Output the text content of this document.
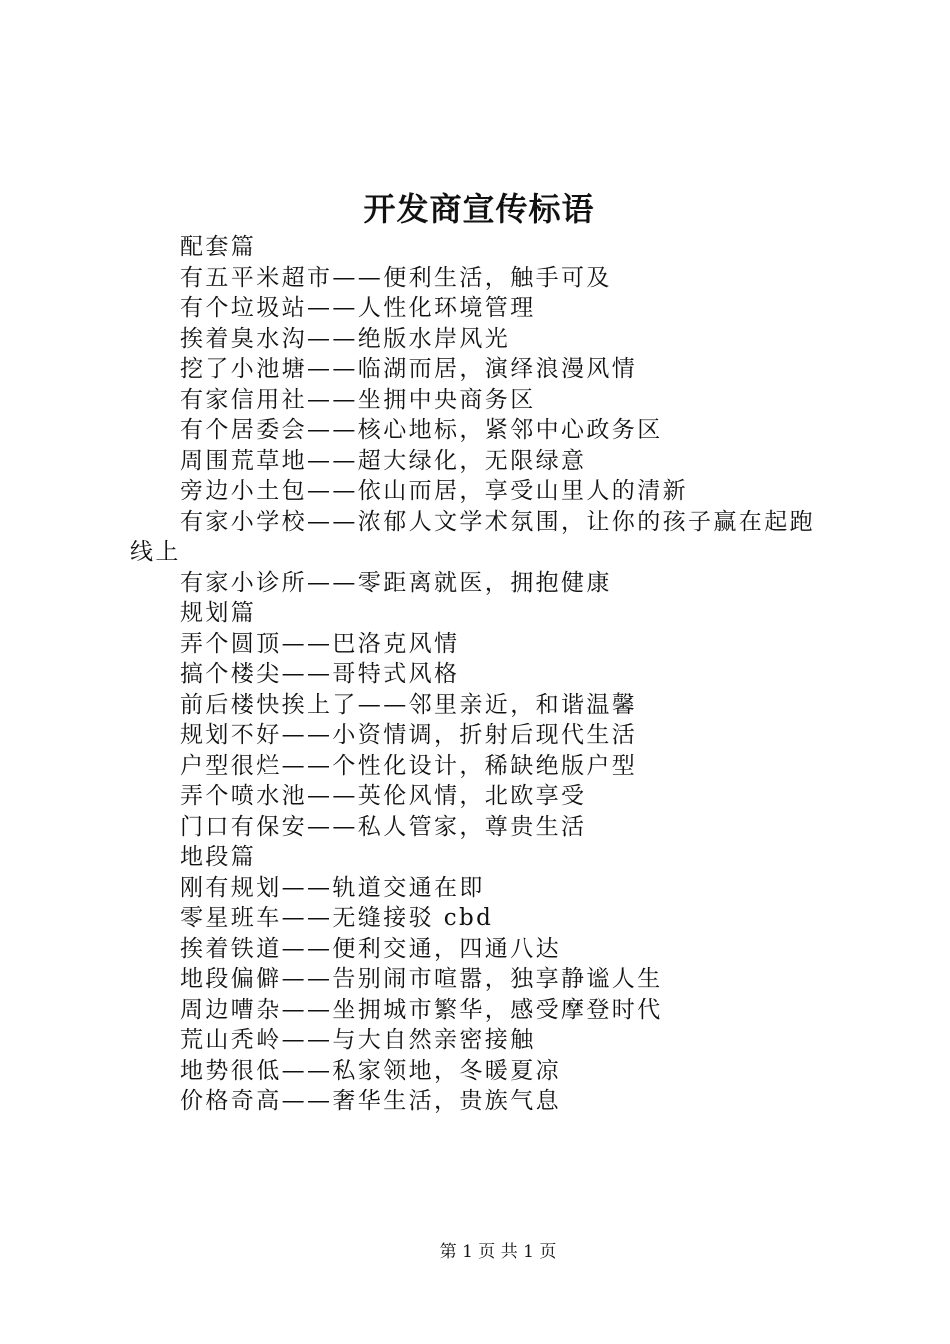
开发商宣传标语
配套篇
有五平米超市——便利生活，触手可及
有个垃圾站——人性化环境管理
挨着臭水沟——绝版水岸风光
挖了小池塘——临湖而居，演绎浪漫风情
有家信用社——坐拥中央商务区
有个居委会——核心地标，紧邻中心政务区
周围荒草地——超大绿化，无限绿意
旁边小土包——依山而居，享受山里人的清新
有家小学校——浓郁人文学术氛围，让你的孩子赢在起跑线上
有家小诊所——零距离就医，拥抱健康
规划篇
弄个圆顶——巴洛克风情
搞个楼尖——哥特式风格
前后楼快挨上了——邻里亲近，和谐温馨
规划不好——小资情调，折射后现代生活
户型很烂——个性化设计，稀缺绝版户型
弄个喷水池——英伦风情，北欧享受
门口有保安——私人管家，尊贵生活
地段篇
刚有规划——轨道交通在即
零星班车——无缝接驳 cbd
挨着铁道——便利交通，四通八达
地段偏僻——告别闹市喧嚣，独享静谧人生
周边嘈杂——坐拥城市繁华，感受摩登时代
荒山秃岭——与大自然亲密接触
地势很低——私家领地，冬暖夏凉
价格奇高——奢华生活，贵族气息
第 1 页 共 1 页
